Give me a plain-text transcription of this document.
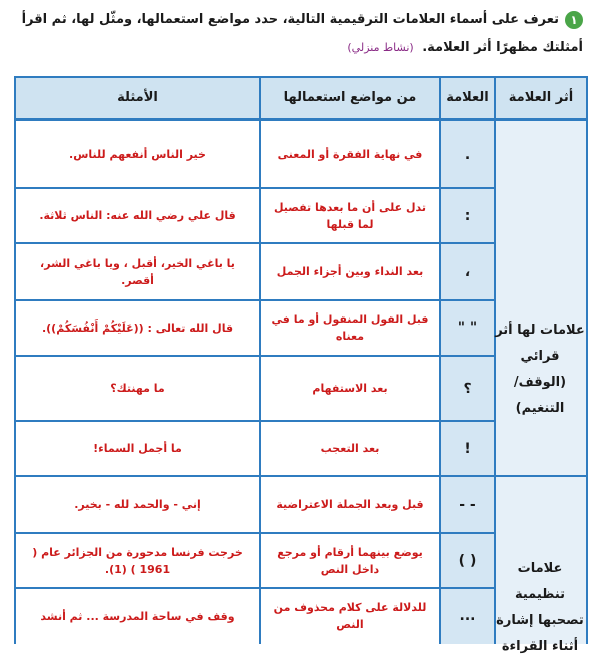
١تعرف على أسماء العلامات الترقيمية التالية، حدد مواضع استعمالها، ومثّل لها، ثم اقرأ أمثلتك مظهرًا أثر العلامة. (نشاط منزلي)
أثر العلامة
العلامة
من مواضع استعمالها
الأمثلة
علامات لها أثر
قرائي
(الوقف/التنغيم)
علامات تنظيمية
تصحبها إشارة
أثناء القراءة
.
في نهاية الفقرة أو المعنى
خير الناس أنفعهم للناس.
:
تدل على أن ما بعدها تفصيل لما قبلها
قال علي رضي الله عنه: الناس ثلاثة.
،
بعد النداء وبين أجزاء الجمل
يا باغي الخير، أقبل ، ويا باغي الشر، أقصر.
" "
قبل القول المنقول أو ما في معناه
قال الله تعالى : ((عَلَيْكُمْ أَنْفُسَكُمْ)).
؟
بعد الاستفهام
ما مهنتك؟
!
بعد التعجب
ما أجمل السماء!
- -
قبل وبعد الجملة الاعتراضية
إني - والحمد لله - بخير.
( )
يوضع بينهما أرقام أو مرجع داخل النص
خرجت فرنسا مدحورة من الجزائر عام ( 1961 ) (1).
...
للدلالة على كلام محذوف من النص
وقف في ساحة المدرسة ... ثم أنشد
